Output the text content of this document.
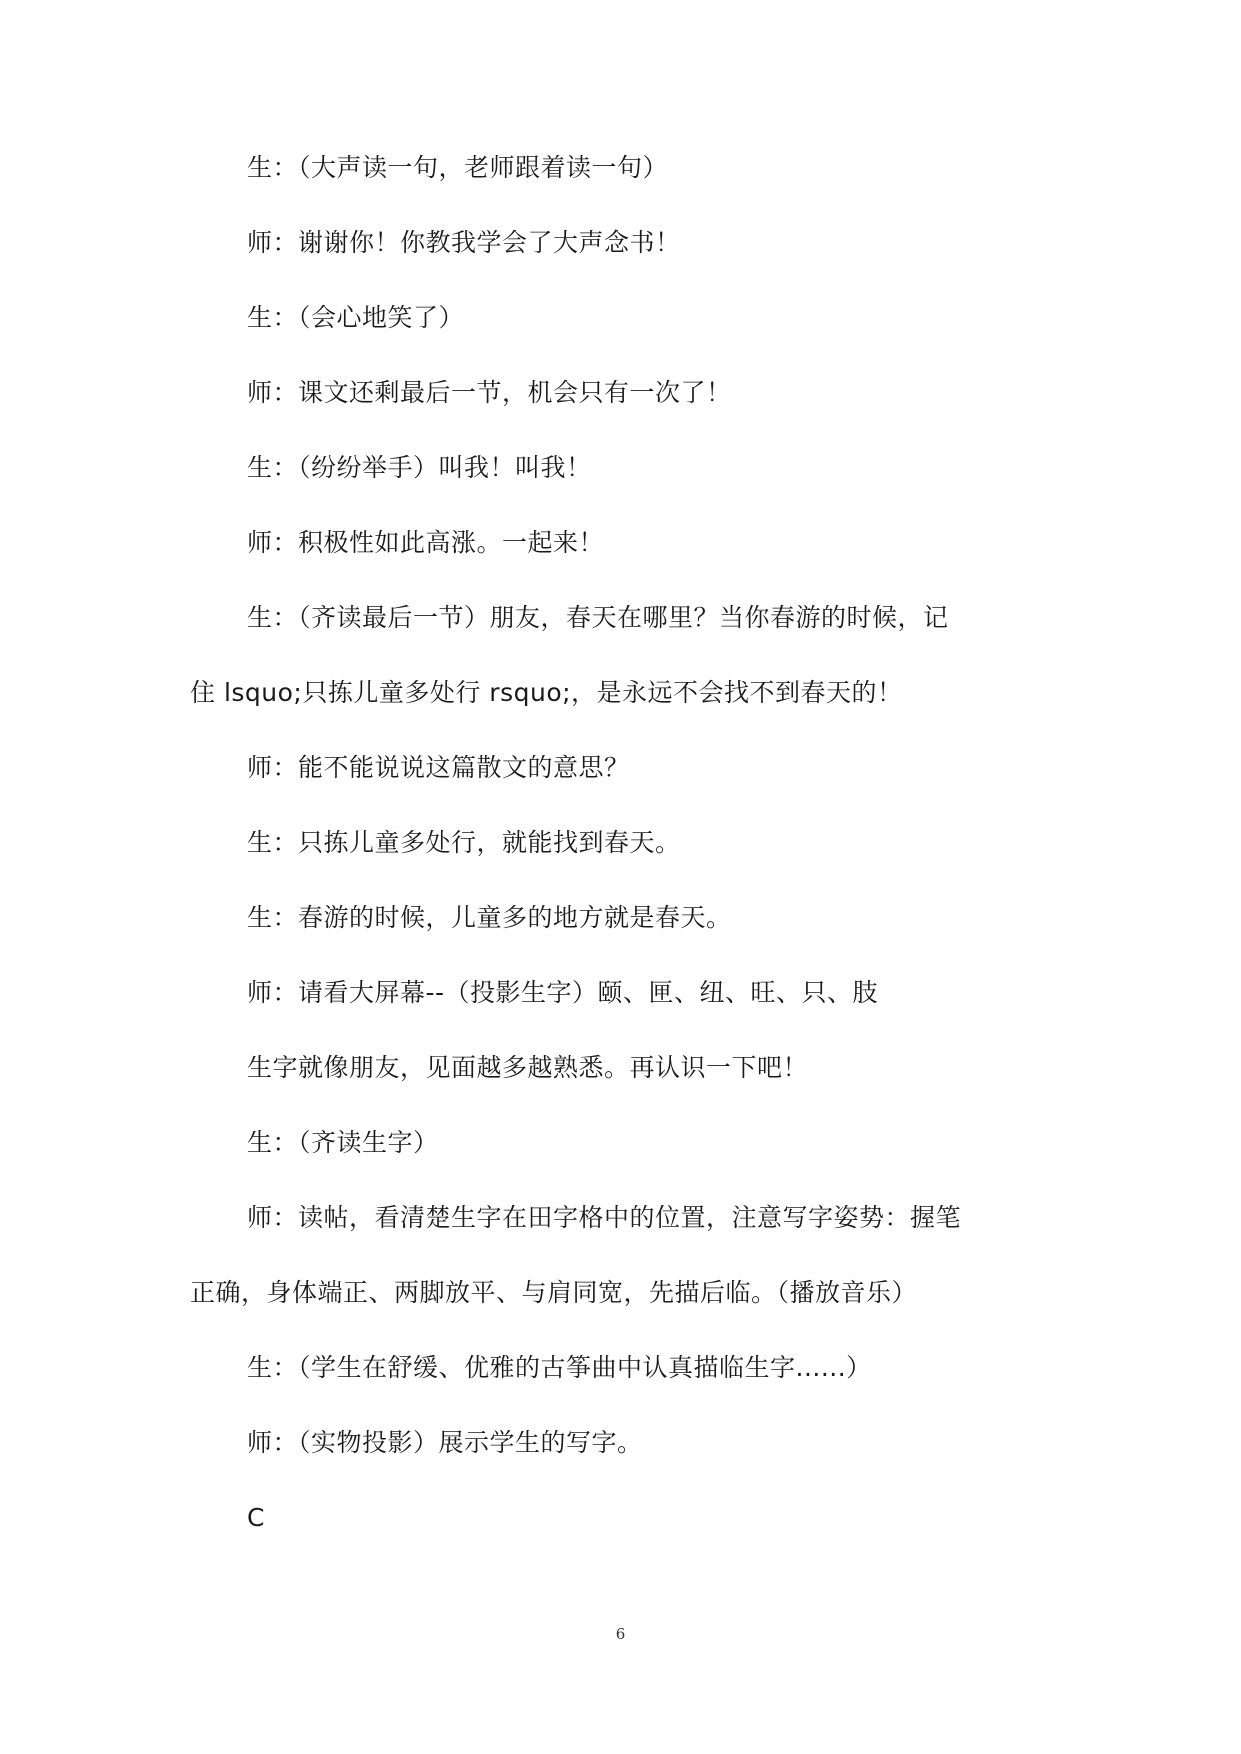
生：（大声读一句，老师跟着读一句）
师：谢谢你！你教我学会了大声念书！
生：（会心地笑了）
师：课文还剩最后一节，机会只有一次了！
生：（纷纷举手）叫我！叫我！
师：积极性如此高涨。一起来！
生：（齐读最后一节）朋友，春天在哪里？当你春游的时候，记
住 lsquo;只拣儿童多处行 rsquo;，是永远不会找不到春天的！
师：能不能说说这篇散文的意思？
生：只拣儿童多处行，就能找到春天。
生：春游的时候，儿童多的地方就是春天。
师：请看大屏幕--（投影生字）颐、匣、纽、旺、只、肢
生字就像朋友，见面越多越熟悉。再认识一下吧！
生：（齐读生字）
师：读帖，看清楚生字在田字格中的位置，注意写字姿势：握笔
正确，身体端正、两脚放平、与肩同宽，先描后临。（播放音乐）
生：（学生在舒缓、优雅的古筝曲中认真描临生字......）
师：（实物投影）展示学生的写字。
C
6
